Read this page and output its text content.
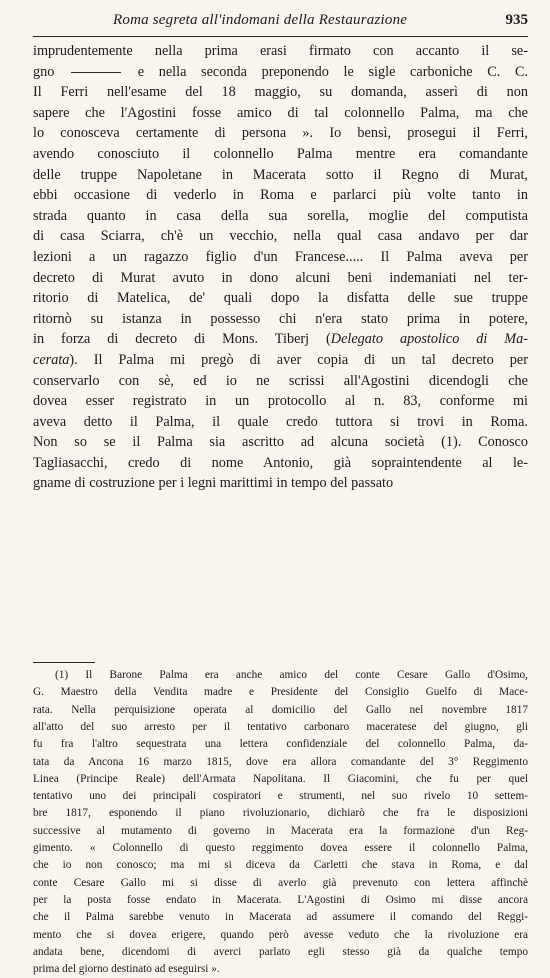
Roma segreta all'indomani della Restaurazione	935
imprudentemente nella prima erasi firmato con accanto il se-
gno	e nella seconda preponendo le sigle carboniche C. C.
Il Ferri nell'esame del 18 maggio, su domanda, asserì di non
sapere che l'Agostini fosse amico di tal colonnello Palma, ma che
lo conosceva certamente di persona ». Io bensì, prosegui il Ferri,
avendo conosciuto il colonnello Palma mentre era comandante
delle truppe Napoletane in Macerata sotto il Regno di Murat,
ebbi occasione di vederlo in Roma e parlarci più volte tanto in
strada quanto in casa della sua sorella, moglie del computista
di casa Sciarra, ch'è un vecchio, nella qual casa andavo per dar
lezioni a un ragazzo figlio d'un Francese..... Il Palma aveva per
decreto di Murat avuto in dono alcuni beni indemaniati nel ter-
ritorio di Matelica, de' quali dopo la disfatta delle sue truppe
ritornò su istanza in possesso chi n'era stato prima in potere,
in forza di decreto di Mons. Tiberj (Delegato apostolico di Ma-
cerata). Il Palma mi pregò di aver copia di un tal decreto per
conservarlo con sè, ed io ne scrissi all'Agostini dicendogli che
dovea esser registrato in un protocollo al n. 83, conforme mi
aveva detto il Palma, il quale credo tuttora si trovi in Roma.
Non so se il Palma sia ascritto ad alcuna società (1). Conosco
Tagliasacchi, credo di nome Antonio, già sopraintendente al le-
gname di costruzione per i legni marittimi in tempo del passato
(1) Il Barone Palma era anche amico del conte Cesare Gallo d'Osimo,
G. Maestro della Vendita madre e Presidente del Consiglio Guelfo di Mace-
rata. Nella perquisizione operata al domicilio del Gallo nel novembre 1817
all'atto del suo arresto per il tentativo carbonaro maceratese del giugno, gli
fu fra l'altro sequestrata una lettera confidenziale del colonnello Palma, da-
tata da Ancona 16 marzo 1815, dove era allora comandante del 3° Reggimento
Linea (Principe Reale) dell'Armata Napolitana. Il Giacomini, che fu per quel
tentativo uno dei principali cospiratori e strumenti, nel suo rivelo 10 settem-
bre 1817, esponendo il piano rivoluzionario, dichiarò che fra le disposizioni
successive al mutamento di governo in Macerata era la formazione d'un Reg-
gimento. « Colonnello di questo reggimento dovea essere il colonnello Palma,
che io non conosco; ma mi si diceva da Carletti che stava in Roma, e dal
conte Cesare Gallo mi si disse di averlo già prevenuto con lettera affinchè
per la posta fosse endato in Macerata. L'Agostini di Osimo mi disse ancora
che il Palma sarebbe venuto in Macerata ad assumere il comando del Reggi-
mento che si dovea erigere, quando però avesse veduto che la rivoluzione era
andata bene, dicendomi di averci parlato egli stesso già da qualche tempo
prima del giorno destinato ad eseguirsi ».
